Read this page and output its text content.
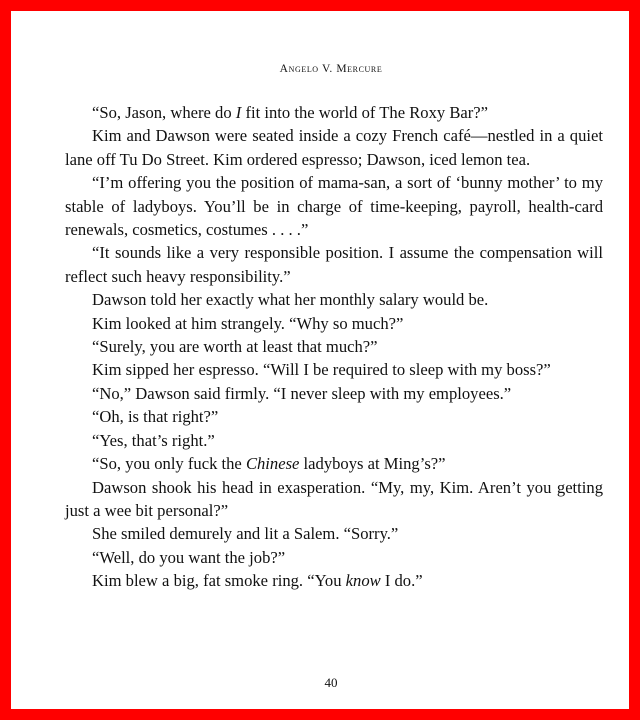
Angelo V. Mercure

“So, Jason, where do I fit into the world of The Roxy Bar?”

Kim and Dawson were seated inside a cozy French café—nestled in a quiet lane off Tu Do Street. Kim ordered espresso; Dawson, iced lemon tea.

“I’m offering you the position of mama-san, a sort of ‘bunny mother’ to my stable of ladyboys. You’ll be in charge of time-keeping, payroll, health-card renewals, cosmetics, costumes . . . .”

“It sounds like a very responsible position. I assume the compensation will reflect such heavy responsibility.”

Dawson told her exactly what her monthly salary would be.

Kim looked at him strangely. “Why so much?”

“Surely, you are worth at least that much?”

Kim sipped her espresso. “Will I be required to sleep with my boss?”

“No,” Dawson said firmly. “I never sleep with my employees.”

“Oh, is that right?”

“Yes, that’s right.”

“So, you only fuck the Chinese ladyboys at Ming’s?”

Dawson shook his head in exasperation. “My, my, Kim. Aren’t you getting just a wee bit personal?”

She smiled demurely and lit a Salem. “Sorry.”

“Well, do you want the job?”

Kim blew a big, fat smoke ring. “You know I do.”

40
